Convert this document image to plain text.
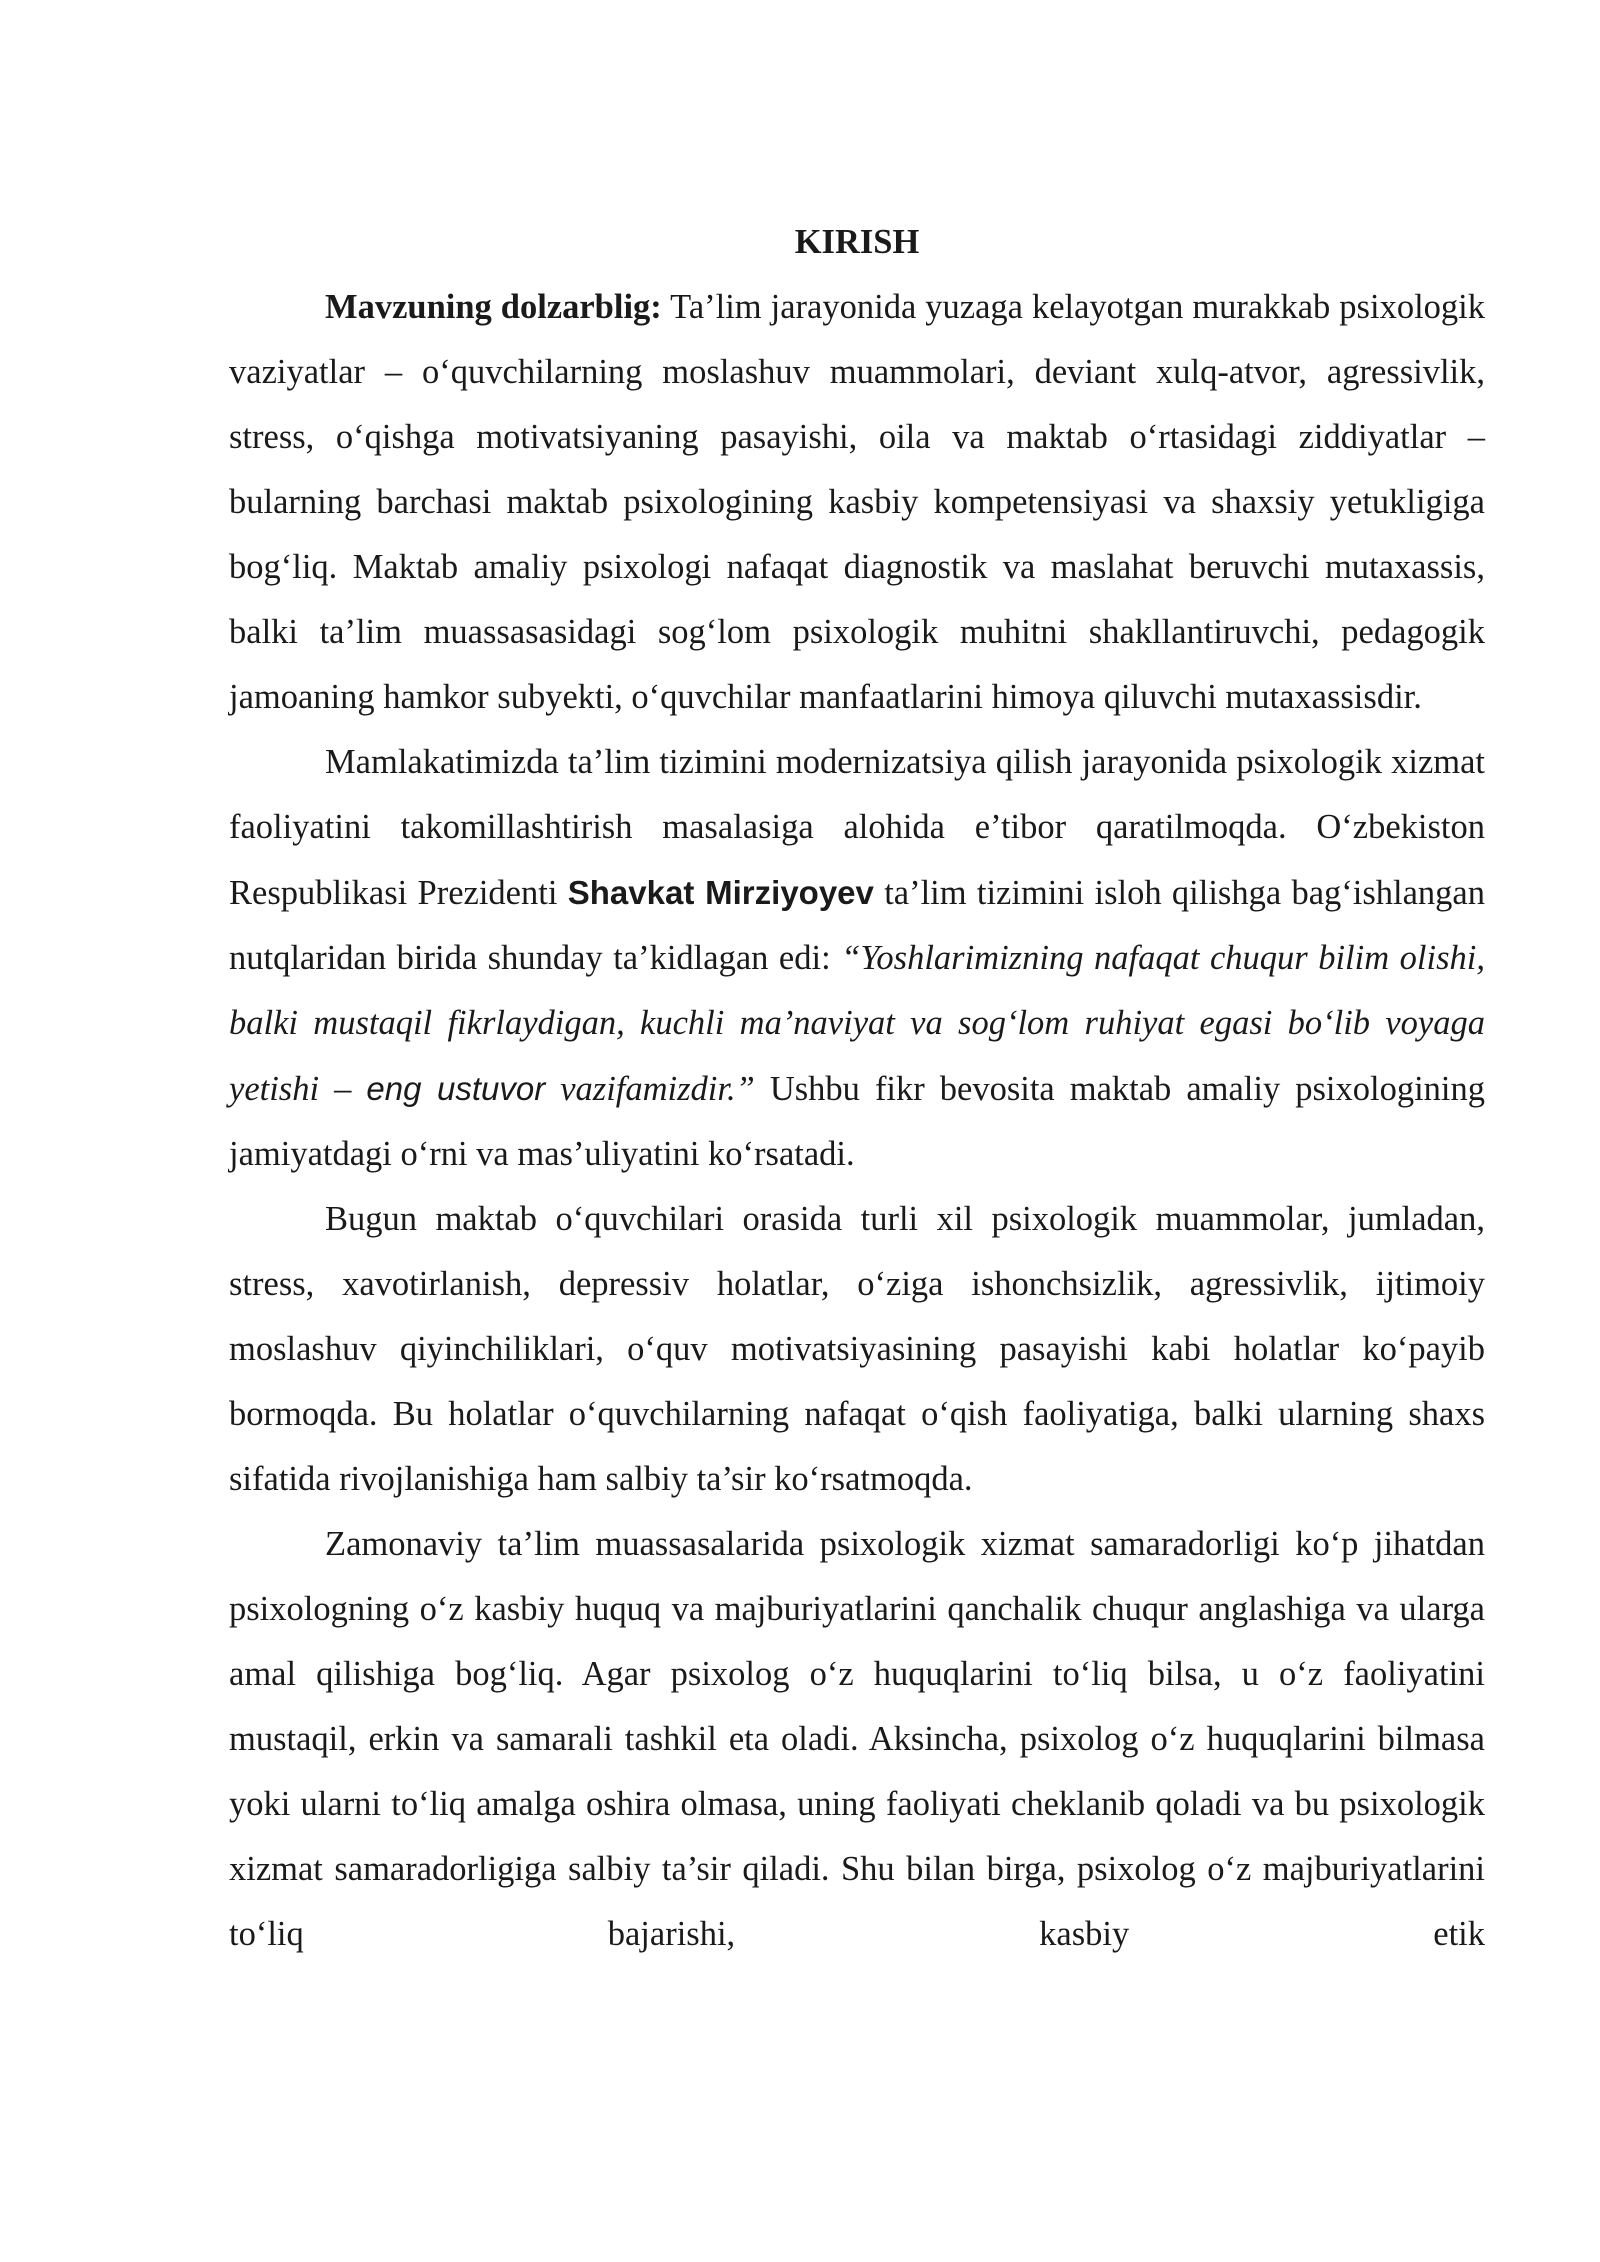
KIRISH

Mavzuning dolzarblig: Ta’lim jarayonida yuzaga kelayotgan murakkab psixologik vaziyatlar – o‘quvchilarning moslashuv muammolari, deviant xulq-atvor, agressivlik, stress, o‘qishga motivatsiyaning pasayishi, oila va maktab o‘rtasidagi ziddiyatlar – bularning barchasi maktab psixologining kasbiy kompetensiyasi va shaxsiy yetukligiga bog‘liq. Maktab amaliy psixologi nafaqat diagnostik va maslahat beruvchi mutaxassis, balki ta’lim muassasasidagi sog‘lom psixologik muhitni shakllantiruvchi, pedagogik jamoaning hamkor subyekti, o‘quvchilar manfaatlarini himoya qiluvchi mutaxassisdir.

Mamlakatimizda ta’lim tizimini modernizatsiya qilish jarayonida psixologik xizmat faoliyatini takomillashtirish masalasiga alohida e’tibor qaratilmoqda. O‘zbekiston Respublikasi Prezidenti Shavkat Mirziyoyev ta’lim tizimini isloh qilishga bag‘ishlangan nutqlaridan birida shunday ta’kidlagan edi: “Yoshlarimizning nafaqat chuqur bilim olishi, balki mustaqil fikrlaydigan, kuchli ma’naviyat va sog‘lom ruhiyat egasi bo‘lib voyaga yetishi – eng ustuvor vazifamizdir.” Ushbu fikr bevosita maktab amaliy psixologining jamiyatdagi o‘rni va mas’uliyatini ko‘rsatadi.

Bugun maktab o‘quvchilari orasida turli xil psixologik muammolar, jumladan, stress, xavotirlanish, depressiv holatlar, o‘ziga ishonchsizlik, agressivlik, ijtimoiy moslashuv qiyinchiliklari, o‘quv motivatsiyasining pasayishi kabi holatlar ko‘payib bormoqda. Bu holatlar o‘quvchilarning nafaqat o‘qish faoliyatiga, balki ularning shaxs sifatida rivojlanishiga ham salbiy ta’sir ko‘rsatmoqda.

Zamonaviy ta’lim muassasalarida psixologik xizmat samaradorligi ko‘p jihatdan psixologning o‘z kasbiy huquq va majburiyatlarini qanchalik chuqur anglashiga va ularga amal qilishiga bog‘liq. Agar psixolog o‘z huquqlarini to‘liq bilsa, u o‘z faoliyatini mustaqil, erkin va samarali tashkil eta oladi. Aksincha, psixolog o‘z huquqlarini bilmasa yoki ularni to‘liq amalga oshira olmasa, uning faoliyati cheklanib qoladi va bu psixologik xizmat samaradorligiga salbiy ta’sir qiladi. Shu bilan birga, psixolog o‘z majburiyatlarini to‘liq bajarishi, kasbiy etik
